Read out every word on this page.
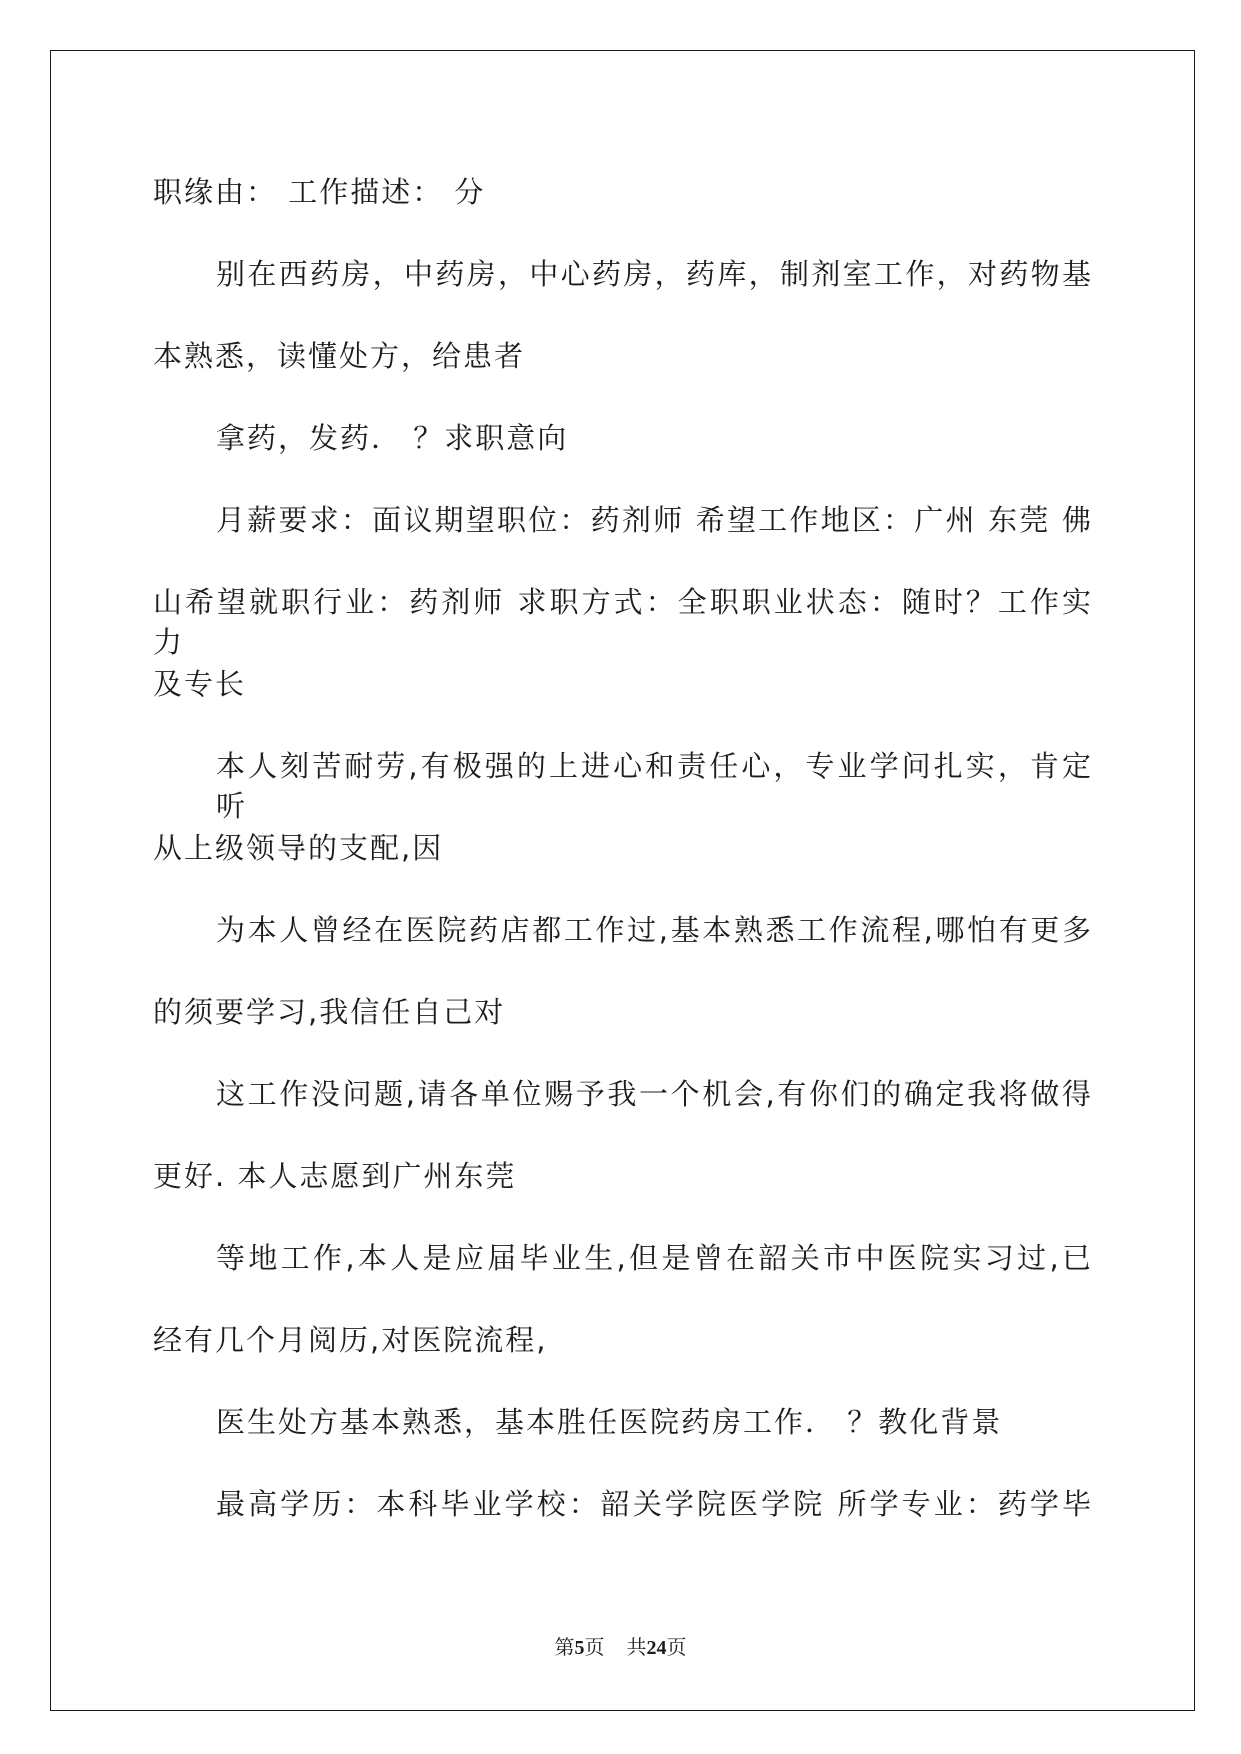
职缘由： 工作描述： 分

别在西药房，中药房，中心药房，药库，制剂室工作，对药物基

本熟悉，读懂处方，给患者

拿药，发药． ？求职意向

月薪要求：面议期望职位：药剂师 希望工作地区：广州 东莞 佛

山希望就职行业：药剂师 求职方式：全职职业状态：随时？工作实力

及专长

本人刻苦耐劳,有极强的上进心和责任心，专业学问扎实，肯定听

从上级领导的支配,因

为本人曾经在医院药店都工作过,基本熟悉工作流程,哪怕有更多

的须要学习,我信任自己对

这工作没问题,请各单位赐予我一个机会,有你们的确定我将做得

更好. 本人志愿到广州东莞

等地工作,本人是应届毕业生,但是曾在韶关市中医院实习过,已

经有几个月阅历,对医院流程,

医生处方基本熟悉，基本胜任医院药房工作． ？教化背景

最高学历：本科毕业学校：韶关学院医学院 所学专业：药学毕

第5页 共24页
